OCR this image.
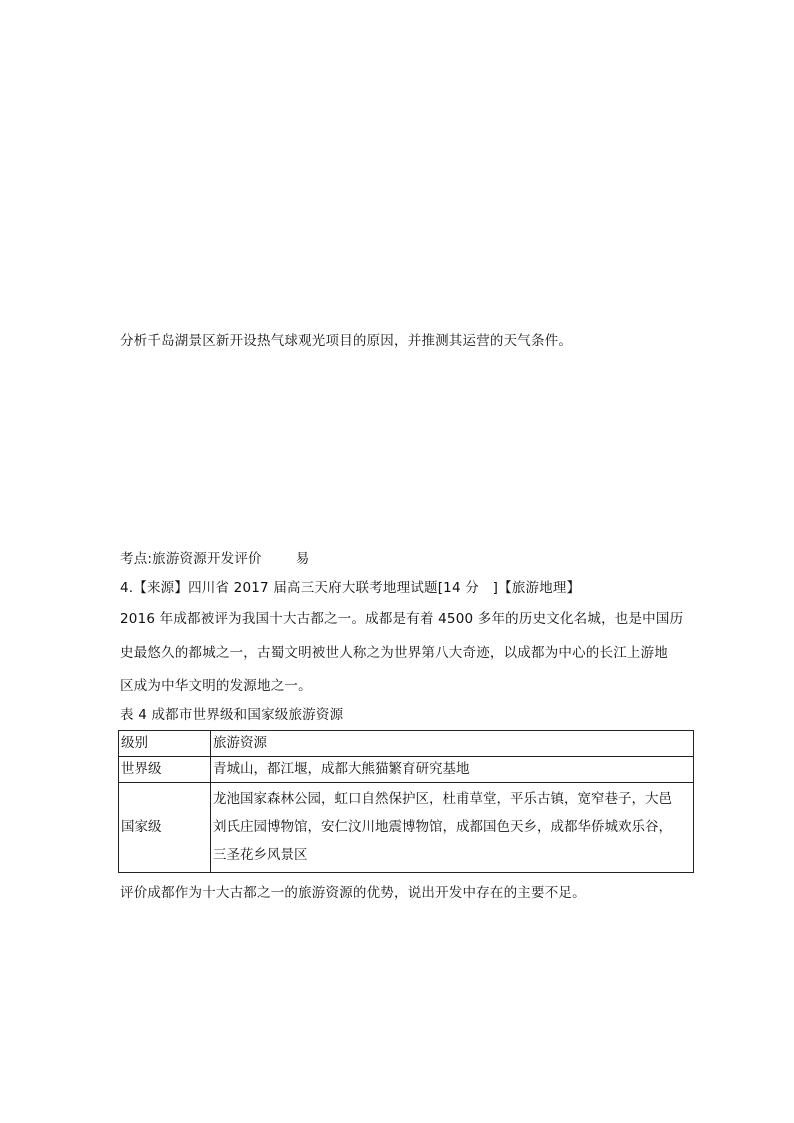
分析千岛湖景区新开设热气球观光项目的原因，并推测其运营的天气条件。
考点:旅游资源开发评价	易
4.【来源】四川省 2017 届高三天府大联考地理试题[14 分　]【旅游地理】
2016 年成都被评为我国十大古都之一。成都是有着 4500 多年的历史文化名城，也是中国历
史最悠久的都城之一，古蜀文明被世人称之为世界第八大奇迹，以成都为中心的长江上游地
区成为中华文明的发源地之一。
表 4 成都市世界级和国家级旅游资源
级别	旅游资源
世界级	青城山，都江堰，成都大熊猫繁育研究基地
国家级	龙池国家森林公园，虹口自然保护区，杜甫草堂，平乐古镇，宽窄巷子，大邑
刘氏庄园博物馆，安仁汶川地震博物馆，成都国色天乡，成都华侨城欢乐谷，
三圣花乡风景区
评价成都作为十大古都之一的旅游资源的优势，说出开发中存在的主要不足。
